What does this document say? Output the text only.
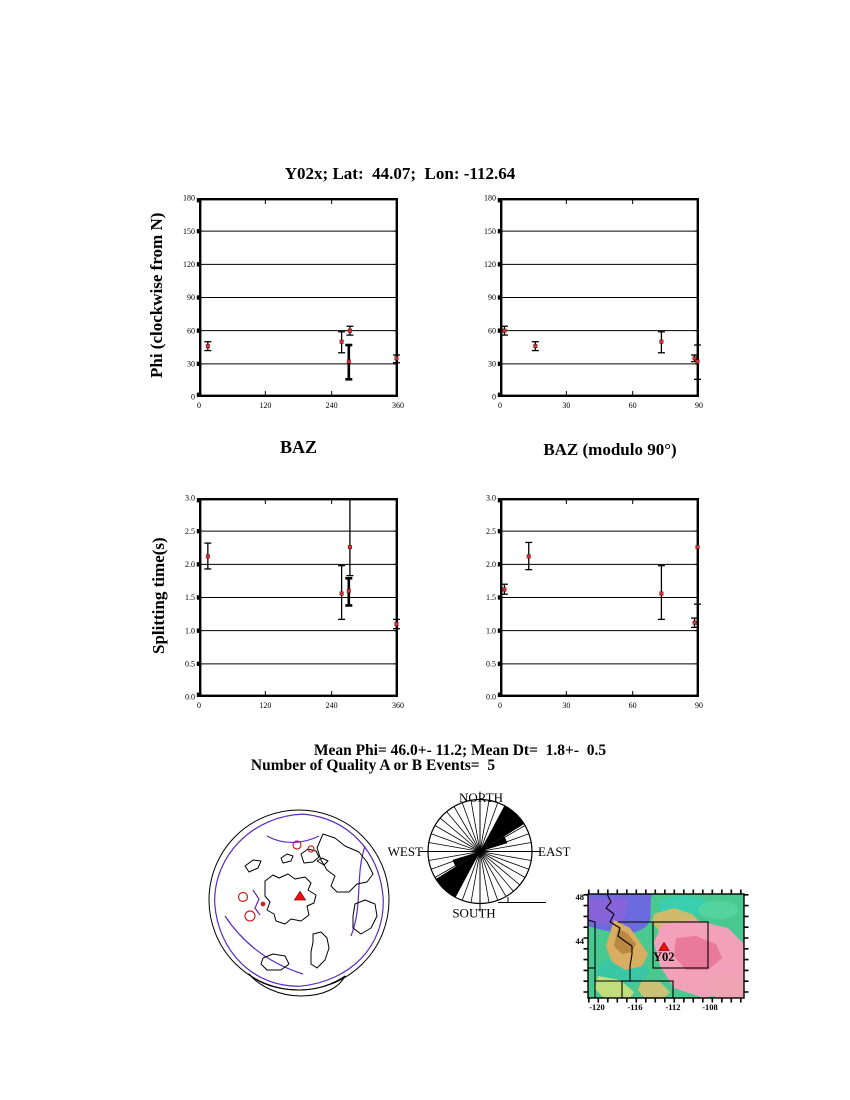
Y02x; Lat:  44.07;  Lon: -112.64
Phi (clockwise from N)
Splitting time(s)
0
30
60
90
120
150
180
0	120	240	360
0
30
60
90
120
150
180
0	30	60	90
0.0
0.5
1.0
1.5
2.0
2.5
3.0
0	120	240	360
0.0
0.5
1.0
1.5
2.0
2.5
3.0
0	30	60	90
BAZ	BAZ (modulo 90°)
Mean Phi= 46.0+- 11.2; Mean Dt=  1.8+-  0.5
Number of Quality A or B Events=  5
NORTH
EAST
SOUTH
WEST
-120	-116	-112	-108
48
44
Y02
